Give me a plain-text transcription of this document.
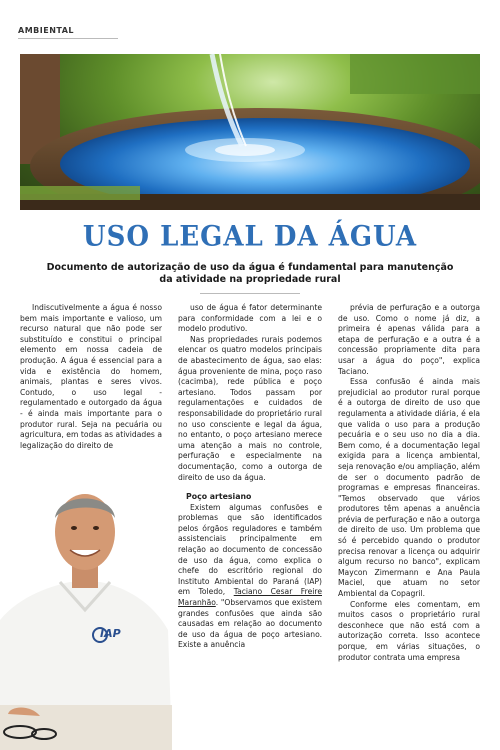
AMBIENTAL
USO LEGAL DA ÁGUA
Documento de autorização de uso da água é fundamental para manutenção da atividade na propriedade rural

Indiscutivelmente a água é nosso bem mais importante e valioso, um recurso natural que não pode ser substituído e constitui o principal elemento em nossa cadeia de produção. A água é essencial para a vida e existência do homem, animais, plantas e seres vivos. Contudo, o uso legal - regulamentado e outorgado da água - é ainda mais importante para o produtor rural. Seja na pecuária ou agricultura, em todas as atividades a legalização do direito de

uso de água é fator determinante para conformidade com a lei e o modelo produtivo.

Nas propriedades rurais podemos elencar os quatro modelos principais de abastecimento de água, sao elas: água proveniente de mina, poço raso (cacimba), rede pública e poço artesiano. Todos passam por regulamentações e cuidados de responsabilidade do proprietário rural no uso consciente e legal da água, no entanto, o poço artesiano merece uma atenção a mais no controle, perfuração e especialmente na documentação, como a outorga de direito de uso da água.

Poço artesiano

Existem algumas confusões e problemas que são identificados pelos órgãos reguladores e também assistenciais principalmente em relação ao documento de concessão de uso da água, como explica o chefe do escritório regional do Instituto Ambiental do Paraná (IAP) em Toledo, Taciano Cesar Freire Maranhão. "Observamos que existem grandes confusões que ainda são causadas em relação ao documento de uso da água de poço artesiano. Existe a anuência

prévia de perfuração e a outorga de uso. Como o nome já diz, a primeira é apenas válida para a etapa de perfuração e a outra é a concessão propriamente dita para usar a água do poço", explica Taciano.

Essa confusão é ainda mais prejudicial ao produtor rural porque é a outorga de direito de uso que regulamenta a atividade diária, é ela que valida o uso para a produção pecuária e o seu uso no dia a dia. Bem como, é a documentação legal exigida para a licença ambiental, seja renovação e/ou ampliação, além de ser o documento padrão de programas e empresas financeiras. "Temos observado que vários produtores têm apenas a anuência prévia de perfuração e não a outorga de direito de uso. Um problema que só é percebido quando o produtor precisa renovar a licença ou adquirir algum recurso no banco", explicam Maycon Zimermann e Ana Paula Maciel, que atuam no setor Ambiental da Copagril.

Conforme eles comentam, em muitos casos o proprietário rural desconhece que não está com a autorização correta. Isso acontece porque, em várias situações, o produtor contrata uma empresa

IAP
